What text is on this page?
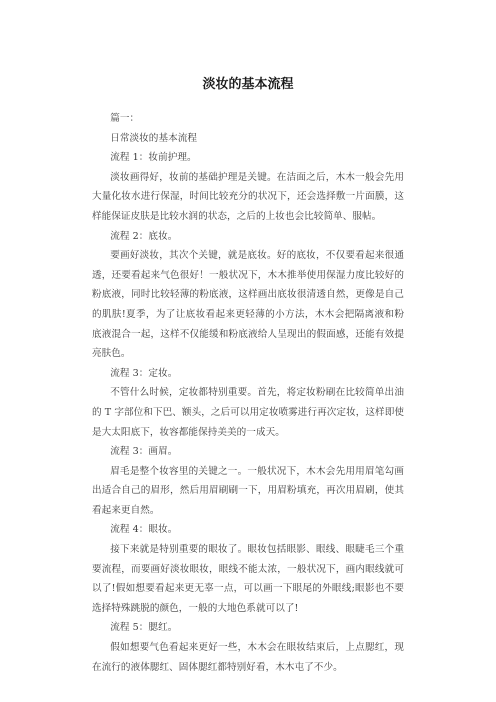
淡妆的基本流程

篇一：

日常淡妆的基本流程

流程 1：妆前护理。

淡妆画得好，妆前的基础护理是关键。在洁面之后，木木一般会先用大量化妆水进行保湿，时间比较充分的状况下，还会选择敷一片面膜，这样能保证皮肤是比较水润的状态，之后的上妆也会比较简单、服帖。

流程 2：底妆。

要画好淡妆，其次个关键，就是底妆。好的底妆，不仅要看起来很通透，还要看起来气色很好！一般状况下，木木推举使用保湿力度比较好的粉底液，同时比较轻薄的粉底液，这样画出底妆很清透自然，更像是自己的肌肤!夏季，为了让底妆看起来更轻薄的小方法，木木会把隔离液和粉底液混合一起，这样不仅能缓和粉底液给人呈现出的假面感，还能有效提亮肤色。

流程 3：定妆。

不管什么时候，定妆都特别重要。首先，将定妆粉刷在比较简单出油的 T 字部位和下巴、额头，之后可以用定妆喷雾进行再次定妆，这样即使是大太阳底下，妆容都能保持美美的一成天。

流程 3：画眉。

眉毛是整个妆容里的关键之一。一般状况下，木木会先用用眉笔勾画出适合自己的眉形，然后用眉刷刷一下，用眉粉填充，再次用眉刷，使其看起来更自然。

流程 4：眼妆。

接下来就是特别重要的眼妆了。眼妆包括眼影、眼线、眼睫毛三个重要流程，而要画好淡妆眼妆，眼线不能太浓，一般状况下，画内眼线就可以了!假如想要看起来更无辜一点，可以画一下眼尾的外眼线;眼影也不要选择特殊跳脱的颜色，一般的大地色系就可以了!

流程 5：腮红。

假如想要气色看起来更好一些，木木会在眼妆结束后，上点腮红，现在流行的液体腮红、固体腮红都特别好看，木木屯了不少。
